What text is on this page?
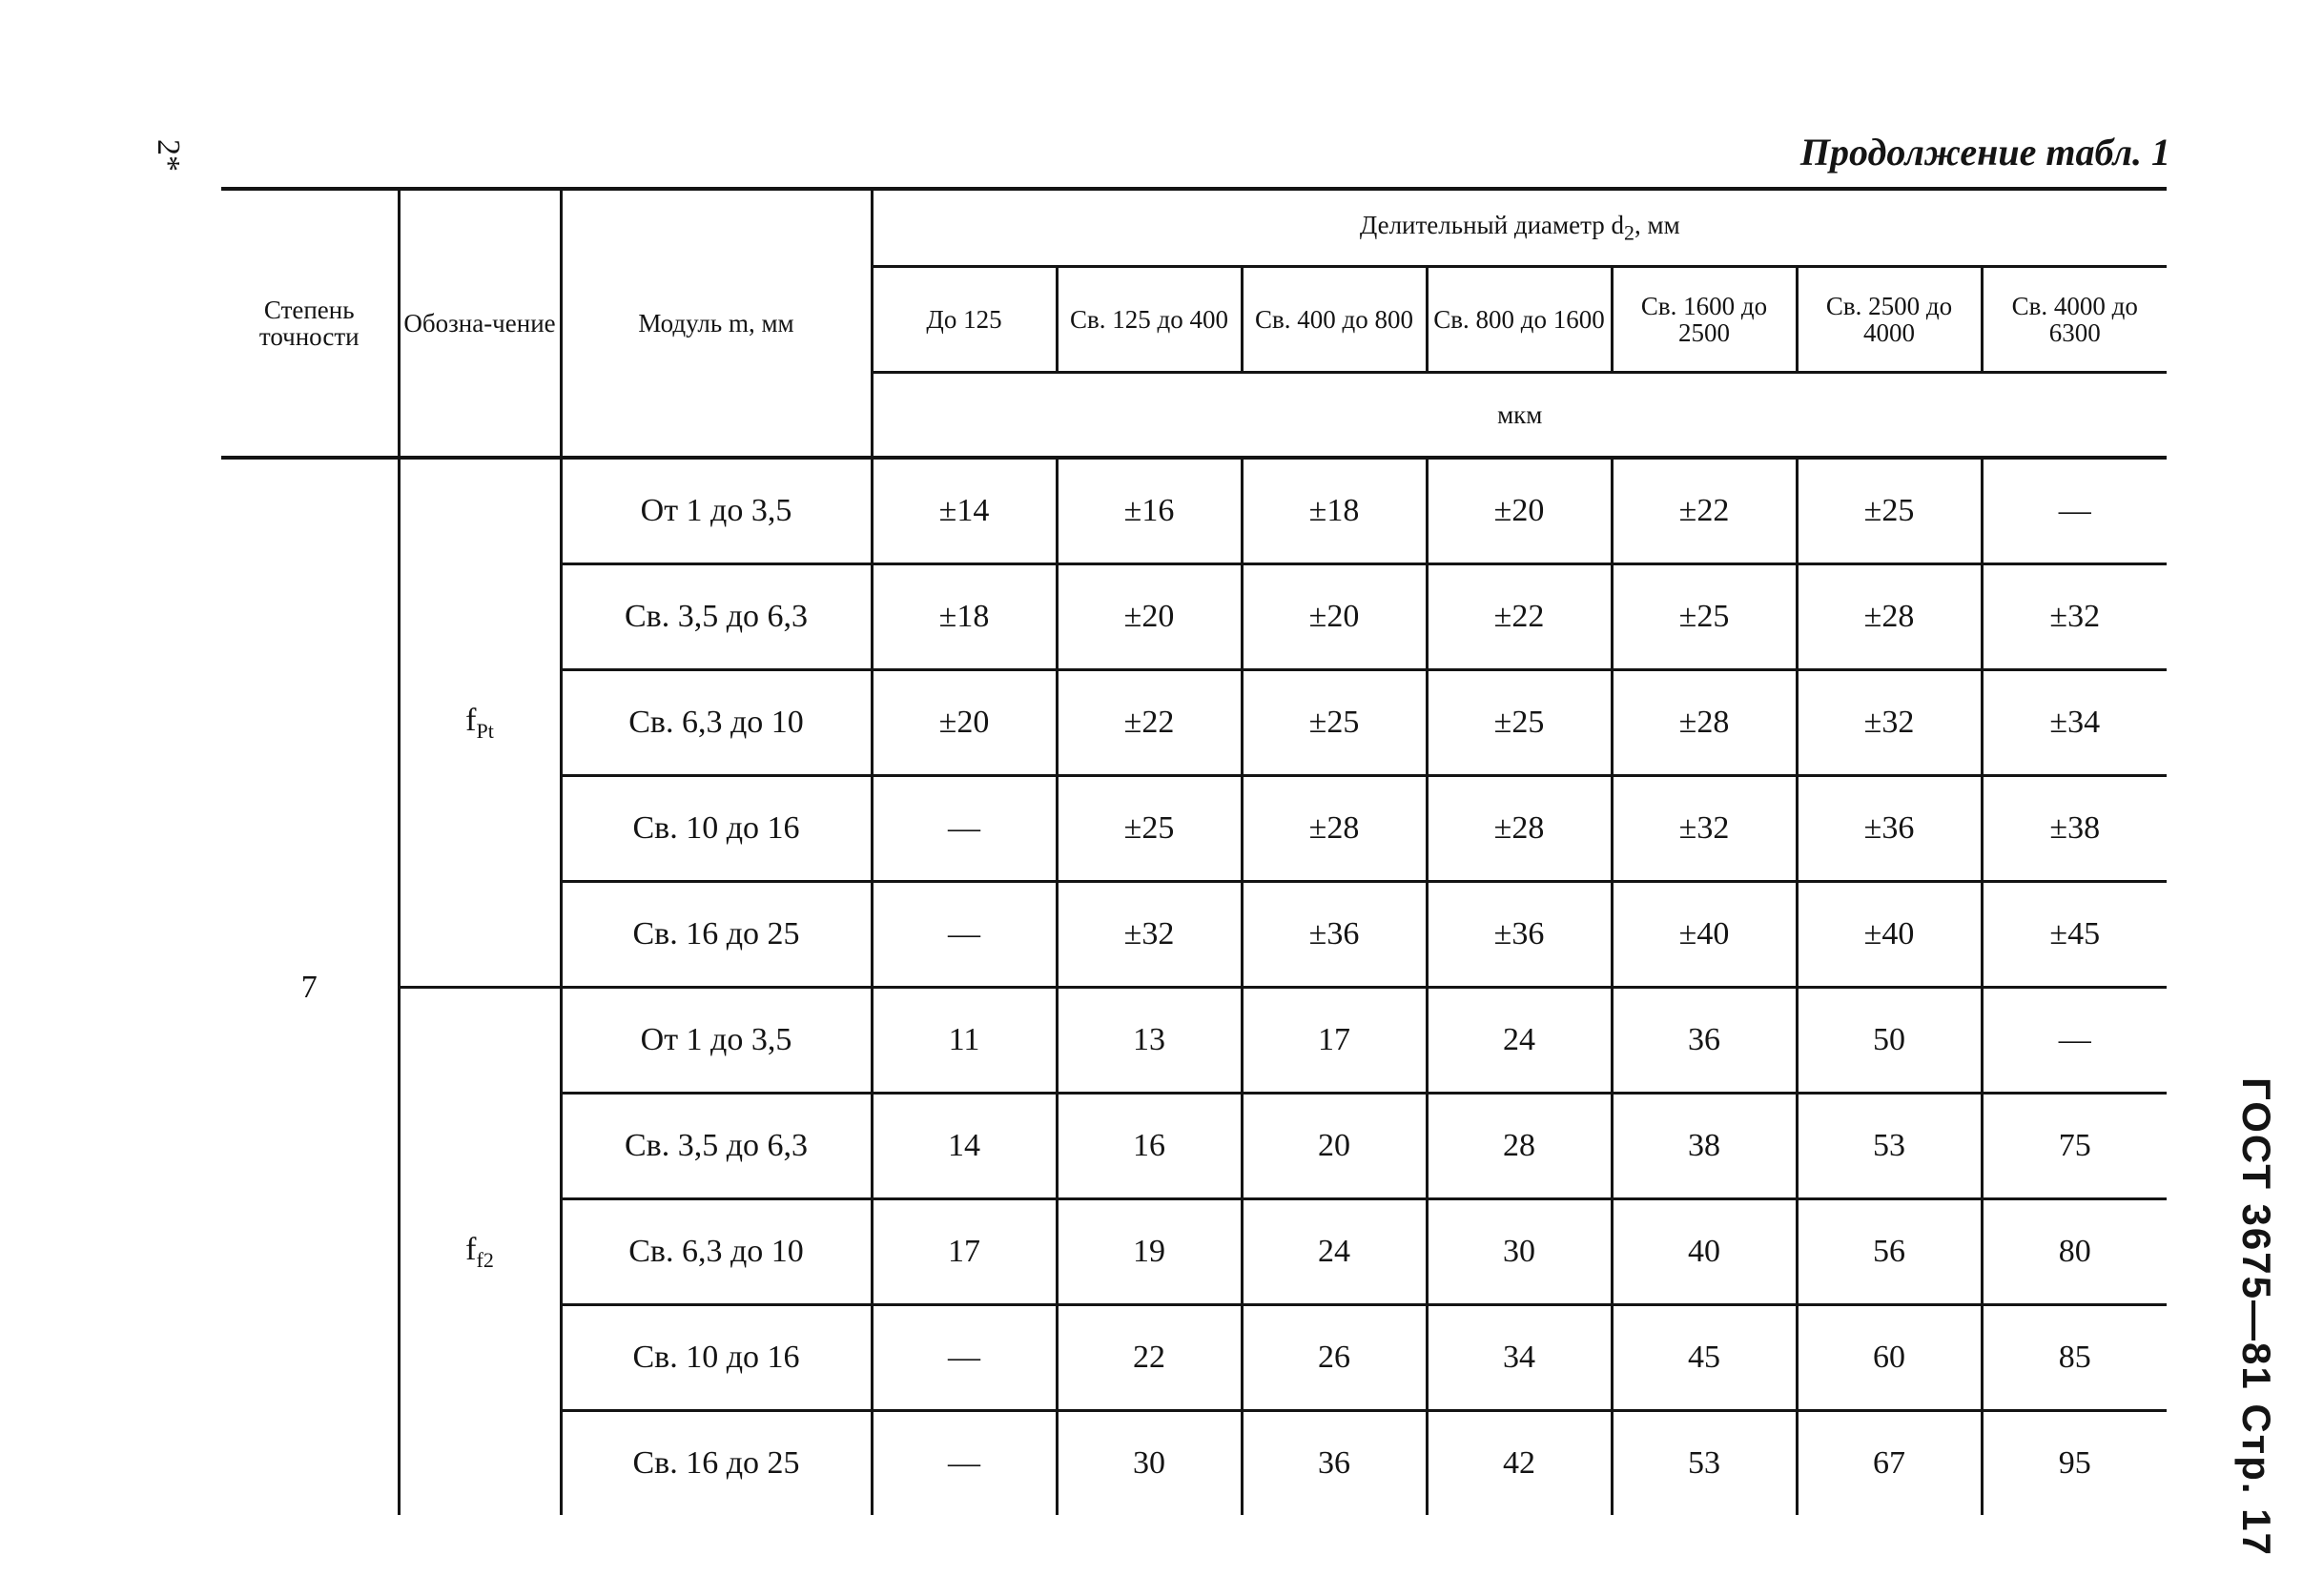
2*	Продолжение табл. 1
ГОСТ 3675—81 Стр. 17
Степень точности	Обозна-чение	Модуль m, мм	Делительный диаметр $d_2$, мм						
			До 125	Св. 125 до 400	Св. 400 до 800	Св. 800 до 1600	Св. 1600 до 2500	Св. 2500 до 4000	Св. 4000 до 6300
			мкм						
7	$f_{Pt}$	От 1 до 3,5	±14	±16	±18	±20	±22	±25	—
		Св. 3,5 до 6,3	±18	±20	±20	±22	±25	±28	±32
		Св. 6,3 до 10	±20	±22	±25	±25	±28	±32	±34
		Св. 10 до 16	—	±25	±28	±28	±32	±36	±38
		Св. 16 до 25	—	±32	±36	±36	±40	±40	±45
	$f_{f2}$	От 1 до 3,5	11	13	17	24	36	50	—
		Св. 3,5 до 6,3	14	16	20	28	38	53	75
		Св. 6,3 до 10	17	19	24	30	40	56	80
		Св. 10 до 16	—	22	26	34	45	60	85
		Св. 16 до 25	—	30	36	42	53	67	95
